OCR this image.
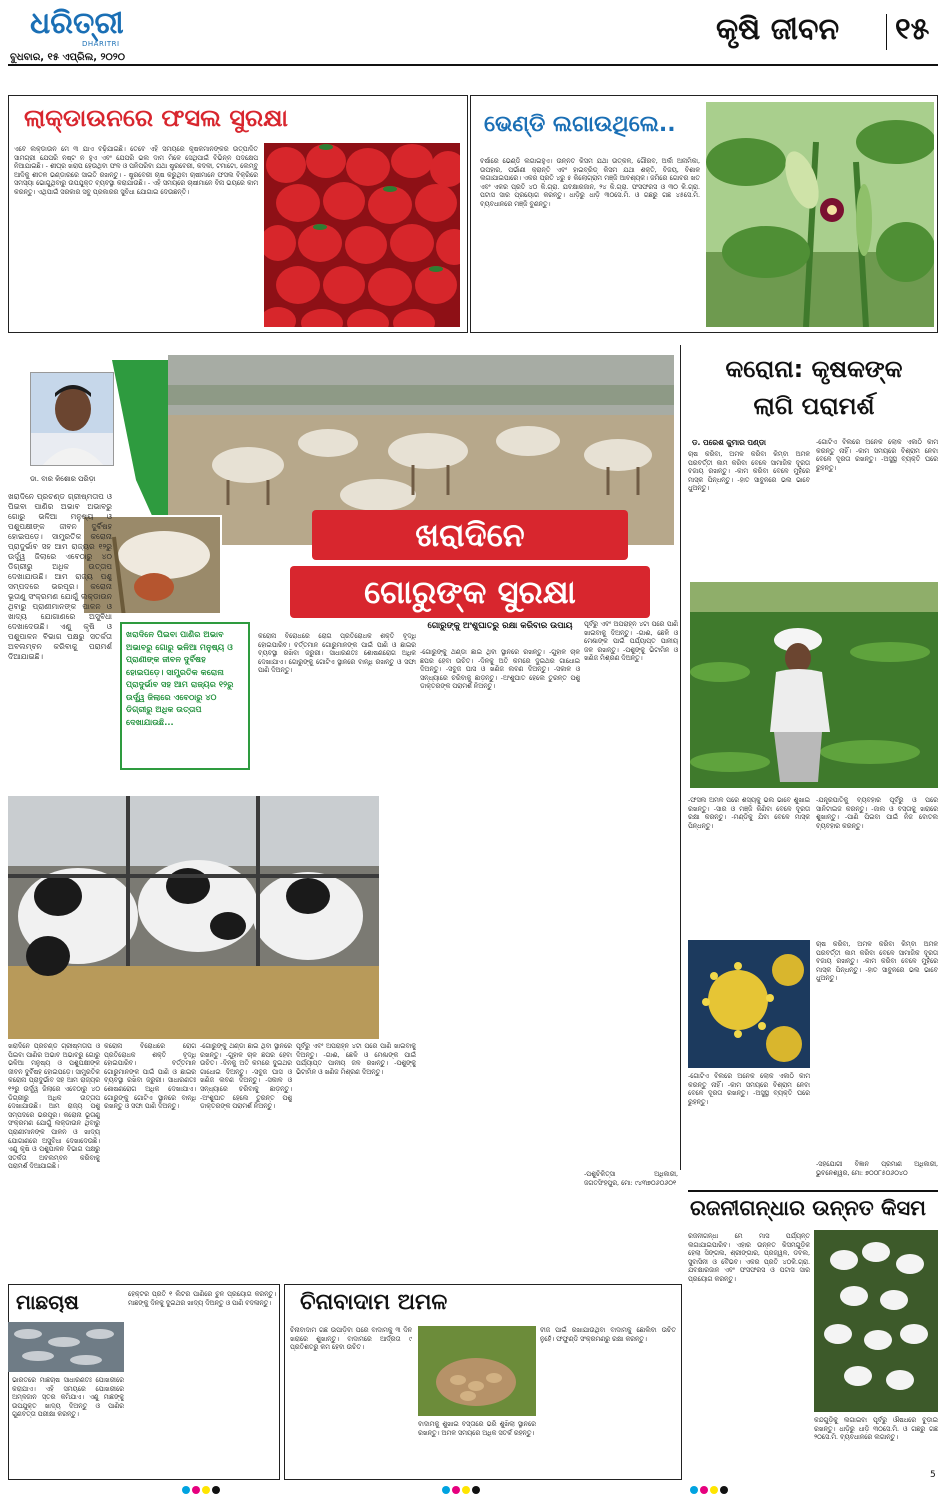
ଧରିତ୍ରୀ
DHARITRI
ବୁଧବାର, ୧୫ ଏପ୍ରିଲ, ୨୦୨୦
କୃଷି ଜୀବନ ୧୫
ଲାକ୍‌ଡାଉନରେ ଫସଲ ସୁରକ୍ଷା
ଏବେ ଲକ୍‌ଡାଉନ ମେ ୩ ଯାଏ ବଢ଼ିଯାଇଛି। ତେବେ ଏହି ସମୟରେ କୃଷକମାନଙ୍କର ଉତ୍ପାଦିତ ସାମଗ୍ରୀ ଯେପରି ନଷ୍ଟ ନ ହୁଏ ଏବଂ ଯେପରି ଭଲ ଦାମ ମିଳେ ସେଥିପାଇଁ ବିଭିନ୍ନ ପଦକ୍ଷେପ ନିଆଯାଇଛି। - ଶୀଘ୍ର ଖରାପ ହେଉଥିବା ଫଳ ଓ ପନିପରିବା ଯଥା ଷ୍ଟ୍ରବେରୀ, କଦଳୀ, ଟମାଟୋ, ଲେମ୍ବୁ ଆଦିକୁ ଶୀତଳ ଭଣ୍ଡାରରେ ସାଇତି ରଖନ୍ତୁ। - ଷ୍ଟ୍ରବେରୀ ଚାଷ କରୁଥିବା ଚାଷୀମାନେ ଫସଲ ବିକ୍ରିରେ ସମସ୍ୟା ଭୋଗୁଥିବାରୁ ଉପଯୁକ୍ତ ବ୍ୟବସ୍ଥା କରାଯାଉଛି। - ଏହି ସମୟରେ ଚାଷୀମାନେ ବିନା ଭୟରେ କାମ କରନ୍ତୁ। ଏଥିପାଇଁ ସରକାର ସବୁ ପ୍ରକାରର ସୁବିଧା ଯୋଗାଇ ଦେଉଛନ୍ତି।
ଭେଣ୍ଡି ଲଗାଉଥିଲେ..
ବର୍ଷାରେ ଭେଣ୍ଡି ଲଗାଇହୁଏ। ଉନ୍ନତ କିସମ ଯଥା ଉତ୍କଳ, ଗୌରବ, ଅର୍କା ଅନାମିକା, ଉପହାର, ପର୍ଭାଣୀ କ୍ରାନ୍ତି ଏବଂ ହାଇବ୍ରିଡ୍ କିସମ ଯଥା ଶକ୍ତି, ବିଜୟ, ବିଶାଳ ଲଗାଯାଇପାରେ। ଏକର ପ୍ରତି ୪ରୁ ୫ କିଲୋଗ୍ରାମ ମଞ୍ଜି ଆବଶ୍ୟକ। ଜମିରେ ଗୋବର ଖତ ଏବଂ ଏକର ପ୍ରତି ୪୦ କି.ଗ୍ରା. ଯବକ୍ଷାରଜାନ, ୨୪ କି.ଗ୍ରା. ଫସଫରସ ଓ ୩୦ କି.ଗ୍ରା. ପଟାସ ସାର ପ୍ରୟୋଗ କରନ୍ତୁ। ଧାଡ଼ିରୁ ଧାଡ଼ି ୩୦ସେ.ମି. ଓ ଗଛରୁ ଗଛ ୪୫ସେ.ମି. ବ୍ୟବଧାନରେ ମଞ୍ଜି ବୁଣନ୍ତୁ।
ଡା. ବାର କିଶୋର ପରିଡ଼ା
ଖରାଦିନେ
ଗୋରୁଙ୍କ ସୁରକ୍ଷା
ଖରାଦିନେ ପ୍ରଚଣ୍ଡ ଗ୍ରୀଷ୍ମତାପ ଓ ପିଇବା ପାଣିର ଅଭାବ ଅଭାବରୁ ଗୋରୁ ଭଳିଆ ମନୁଷ୍ୟ ଓ ପଶୁପକ୍ଷୀଙ୍କ ଜୀବନ ଦୁର୍ବିଷହ ହୋଇପଡ଼େ। ସାମ୍ପ୍ରତିକ କରୋନା ପ୍ରାଦୁର୍ଭାବ ସହ ଆମ ରାଜ୍ୟର ୧୨ରୁ ଉର୍ଦ୍ଧ୍ୱ ଜିଲାରେ ଏବେଠାରୁ ୪୦ ଡିଗ୍ରୀରୁ ଅଧିକ ଉତ୍ତାପ ଦେଖାଯାଉଛି। ଆମ ରାଜ୍ୟ ପଶୁ ସମ୍ପଦରେ ଭରପୂର। କରୋନା ଭୂତାଣୁ ସଂକ୍ରମଣ ଯୋଗୁଁ ଲକ୍‌ଡାଉନ ଥିବାରୁ ପ୍ରାଣୀମାନଙ୍କ ପାଳନ ଓ ଖାଦ୍ୟ ଯୋଗାଣରେ ଅସୁବିଧା ଦେଖାଦେଉଛି। ଏଣୁ କୃଷି ଓ ପଶୁପାଳନ ବିଭାଗ ପକ୍ଷରୁ ସତର୍କତା ଅବଲମ୍ବନ କରିବାକୁ ପରାମର୍ଶ ଦିଆଯାଇଛି।
ଖରାଦିନେ ପିଇବା ପାଣିର ଅଭାବ ଅଭାବରୁ ଗୋରୁ ଭଳିଆ ମନୁଷ୍ୟ ଓ ପ୍ରାଣୀଙ୍କ ଜୀବନ ଦୁର୍ବିଷହ ହୋଇପଡ଼େ। ସାମ୍ପ୍ରତିକ କରୋନା ପ୍ରାଦୁର୍ଭାବ ସହ ଆମ ରାଜ୍ୟର ୧୨ରୁ ଉର୍ଦ୍ଧ୍ୱ ଜିଲାରେ ଏବେଠାରୁ ୪୦ ଡିଗ୍ରୀରୁ ଅଧିକ ଉତ୍ତାପ ଦେଖାଯାଉଛି...
କରୋନା ବିରୋଧରେ ରୋଗ ପ୍ରତିରୋଧକ ଶକ୍ତି ବୃଦ୍ଧି ହୋଇପାରିବ। ବର୍ତ୍ତମାନ ଗୋରୁମାନଙ୍କ ପାଇଁ ପାଣି ଓ ଛାଇର ବ୍ୟବସ୍ଥା ରଖିବା ଜରୁରୀ। ସାଧାରଣତଃ ଶୋଷଣରୋଗ ଅଧିକ ଦେଖାଯାଏ। ଗୋରୁଙ୍କୁ ଗୋଟିଏ ସ୍ଥାନରେ ବାନ୍ଧି ରଖନ୍ତୁ ଓ ସଫା ପାଣି ଦିଅନ୍ତୁ।
ଗୋରୁଙ୍କୁ ଅଂଶୁଘାତରୁ ରକ୍ଷା କରିବାର ଉପାୟ
-ଗୋରୁଙ୍କୁ ଥଣ୍ଡା ଛାଇ ଥିବା ସ୍ଥାନରେ ରଖନ୍ତୁ। -ଗୁହାଳ ଚାଳ ଛପର ହେବା ଉଚିତ। -ଦିନକୁ ଅତି କମରେ ଦୁଇଥର ଗାଧୋଇ ଦିଅନ୍ତୁ। -ସବୁଜ ଘାସ ଓ ଖଣିଜ ଲବଣ ଦିଅନ୍ତୁ। -ସକାଳ ଓ ସନ୍ଧ୍ୟାରେ ଚରିବାକୁ ଛାଡ଼ନ୍ତୁ। -ଅଂଶୁଘାତ ହେଲେ ତୁରନ୍ତ ପଶୁ ଡାକ୍ତରଙ୍କ ପରାମର୍ଶ ନିଅନ୍ତୁ।
ପୂର୍ବରୁ ଏବଂ ଅପରାହ୍ନ ୪ଟା ପରେ ପାଣି ଖାଇବାକୁ ଦିଅନ୍ତୁ। -ଗାଈ, ଛେଳି ଓ ମେଣ୍ଢାଙ୍କ ପାଇଁ ପର୍ଯ୍ୟାପ୍ତ ପାନୀୟ ଜଳ ରଖନ୍ତୁ। -ପଶୁଙ୍କୁ ଭିଟାମିନ ଓ ଖଣିଜ ମିଶ୍ରଣ ଦିଅନ୍ତୁ।
-ପଶୁଚିକିତ୍ସା ଅଧିକାରୀ, ଜଗତସିଂହପୁର, ମୋ: ୯୪୩୭୦୬୦୬୦୧
ଖରାଦିନେ ପ୍ରଚଣ୍ଡ ଗ୍ରୀଷ୍ମତାପ ଓ ପିଇବା ପାଣିର ଅଭାବ ଅଭାବରୁ ଗୋରୁ ଭଳିଆ ମନୁଷ୍ୟ ଓ ପଶୁପକ୍ଷୀଙ୍କ ଜୀବନ ଦୁର୍ବିଷହ ହୋଇପଡ଼େ। ସାମ୍ପ୍ରତିକ କରୋନା ପ୍ରାଦୁର୍ଭାବ ସହ ଆମ ରାଜ୍ୟର ୧୨ରୁ ଉର୍ଦ୍ଧ୍ୱ ଜିଲାରେ ଏବେଠାରୁ ୪୦ ଡିଗ୍ରୀରୁ ଅଧିକ ଉତ୍ତାପ ଦେଖାଯାଉଛି। ଆମ ରାଜ୍ୟ ପଶୁ ସମ୍ପଦରେ ଭରପୂର। କରୋନା ଭୂତାଣୁ ସଂକ୍ରମଣ ଯୋଗୁଁ ଲକ୍‌ଡାଉନ ଥିବାରୁ ପ୍ରାଣୀମାନଙ୍କ ପାଳନ ଓ ଖାଦ୍ୟ ଯୋଗାଣରେ ଅସୁବିଧା ଦେଖାଦେଉଛି। ଏଣୁ କୃଷି ଓ ପଶୁପାଳନ ବିଭାଗ ପକ୍ଷରୁ ସତର୍କତା ଅବଲମ୍ବନ କରିବାକୁ ପରାମର୍ଶ ଦିଆଯାଇଛି।
କରୋନା ବିରୋଧରେ ରୋଗ ପ୍ରତିରୋଧକ ଶକ୍ତି ବୃଦ୍ଧି ହୋଇପାରିବ। ବର୍ତ୍ତମାନ ଗୋରୁମାନଙ୍କ ପାଇଁ ପାଣି ଓ ଛାଇର ବ୍ୟବସ୍ଥା ରଖିବା ଜରୁରୀ। ସାଧାରଣତଃ ଶୋଷଣରୋଗ ଅଧିକ ଦେଖାଯାଏ। ଗୋରୁଙ୍କୁ ଗୋଟିଏ ସ୍ଥାନରେ ବାନ୍ଧି ରଖନ୍ତୁ ଓ ସଫା ପାଣି ଦିଅନ୍ତୁ।
-ଗୋରୁଙ୍କୁ ଥଣ୍ଡା ଛାଇ ଥିବା ସ୍ଥାନରେ ରଖନ୍ତୁ। -ଗୁହାଳ ଚାଳ ଛପର ହେବା ଉଚିତ। -ଦିନକୁ ଅତି କମରେ ଦୁଇଥର ଗାଧୋଇ ଦିଅନ୍ତୁ। -ସବୁଜ ଘାସ ଓ ଖଣିଜ ଲବଣ ଦିଅନ୍ତୁ। -ସକାଳ ଓ ସନ୍ଧ୍ୟାରେ ଚରିବାକୁ ଛାଡ଼ନ୍ତୁ। -ଅଂଶୁଘାତ ହେଲେ ତୁରନ୍ତ ପଶୁ ଡାକ୍ତରଙ୍କ ପରାମର୍ଶ ନିଅନ୍ତୁ।
ପୂର୍ବରୁ ଏବଂ ଅପରାହ୍ନ ୪ଟା ପରେ ପାଣି ଖାଇବାକୁ ଦିଅନ୍ତୁ। -ଗାଈ, ଛେଳି ଓ ମେଣ୍ଢାଙ୍କ ପାଇଁ ପର୍ଯ୍ୟାପ୍ତ ପାନୀୟ ଜଳ ରଖନ୍ତୁ। -ପଶୁଙ୍କୁ ଭିଟାମିନ ଓ ଖଣିଜ ମିଶ୍ରଣ ଦିଅନ୍ତୁ।
କରୋନା: କୃଷକଙ୍କ
ଲାଗି ପରାମର୍ଶ
ଡ. ପରେଶ କୁମାର ପଣ୍ଡା
ଚାଷ କରିବା, ଅମଳ କରିବା କିମ୍ବା ଅମଳ ପରବର୍ତ୍ତୀ କାମ କରିବା ବେଳେ ସାମାଜିକ ଦୂରତା ବଜାୟ ରଖନ୍ତୁ। -କାମ କରିବା ବେଳେ ମୁହଁରେ ମାସ୍କ ପିନ୍ଧନ୍ତୁ। -ହାତ ସାବୁନରେ ଭଲ ଭାବେ ଧୁଅନ୍ତୁ।
-ଗୋଟିଏ ବିଲରେ ଅନେକ ଲୋକ ଏକାଠି କାମ କରନ୍ତୁ ନାହିଁ। -କାମ ସମୟରେ ବିଶ୍ରାମ ନେବା ବେଳେ ଦୂରତା ରଖନ୍ତୁ। -ଅସୁସ୍ଥ ବ୍ୟକ୍ତି ଘରେ ରୁହନ୍ତୁ।
-ଫସଲ ଅମଳ ପରେ ଶସ୍ୟକୁ ଭଲ ଭାବେ ଶୁଖାଇ ରଖନ୍ତୁ। -ସାର ଓ ମଞ୍ଜି କିଣିବା ବେଳେ ଦୂରତା ରକ୍ଷା କରନ୍ତୁ। -ମଣ୍ଡିକୁ ଯିବା ବେଳେ ମାସ୍କ ପିନ୍ଧନ୍ତୁ।
-ଯନ୍ତ୍ରପାତିକୁ ବ୍ୟବହାର ପୂର୍ବରୁ ଓ ପରେ ସାନିଟାଇଜ କରନ୍ତୁ। -ଜାଲ ଓ ବସ୍ତାକୁ ଖରାରେ ଶୁଖାନ୍ତୁ। -ପାଣି ପିଇବା ପାଇଁ ନିଜ ବୋତଲ ବ୍ୟବହାର କରନ୍ତୁ।
ଚାଷ କରିବା, ଅମଳ କରିବା କିମ୍ବା ଅମଳ ପରବର୍ତ୍ତୀ କାମ କରିବା ବେଳେ ସାମାଜିକ ଦୂରତା ବଜାୟ ରଖନ୍ତୁ। -କାମ କରିବା ବେଳେ ମୁହଁରେ ମାସ୍କ ପିନ୍ଧନ୍ତୁ। -ହାତ ସାବୁନରେ ଭଲ ଭାବେ ଧୁଅନ୍ତୁ।
-ଗୋଟିଏ ବିଲରେ ଅନେକ ଲୋକ ଏକାଠି କାମ କରନ୍ତୁ ନାହିଁ। -କାମ ସମୟରେ ବିଶ୍ରାମ ନେବା ବେଳେ ଦୂରତା ରଖନ୍ତୁ। -ଅସୁସ୍ଥ ବ୍ୟକ୍ତି ଘରେ ରୁହନ୍ତୁ।
-ସହଯୋଗୀ ବିଜ୍ଞାନ ପ୍ରମାଣ ଅଧିକାରୀ, ଭୁବନେଶ୍ୱର, ମୋ: ୭୦୦୮୫୦୬୦୪୦
ରଜନୀଗନ୍ଧାର ଉନ୍ନତ କିସମ
ରଜନୀଗନ୍ଧା ମେ ମାସ ପର୍ଯ୍ୟନ୍ତ ଲଗାଯାଇପାରିବ। ଏହାର ଉନ୍ନତ କିସମଗୁଡ଼ିକ ହେଲା ସିଙ୍ଗଲ, ଶ୍ରୀଙ୍ଗାର, ପ୍ରଜ୍ୱଳ, ଡବଲ, ସୁବାସିନୀ ଓ ବୈଭବ। ଏକର ପ୍ରତି ୪୦କି.ଗ୍ରା. ଯବକ୍ଷାରଜାନ ଏବଂ ଫସଫରସ ଓ ପଟାସ ସାର ପ୍ରୟୋଗ କରନ୍ତୁ।
କନ୍ଦଗୁଡ଼ିକୁ ଲଗାଇବା ପୂର୍ବରୁ ଔଷଧରେ ବୁଡ଼ାଇ ରଖନ୍ତୁ। ଧାଡ଼ିରୁ ଧାଡ଼ି ୩୦ସେ.ମି. ଓ ଗଛରୁ ଗଛ ୨୦ସେ.ମି. ବ୍ୟବଧାନରେ ଲଗାନ୍ତୁ।
ମାଛଚାଷ
ଭାରତରେ ମାଛଚାଷ ସାଧାରଣତଃ ପୋଖରୀରେ କରାଯାଏ। ଏହି ସମୟରେ ପୋଖରୀରେ ଅମ୍ଳଜାନ ସ୍ତର କମିଯାଏ। ଏଣୁ ମାଛଙ୍କୁ ଉପଯୁକ୍ତ ଖାଦ୍ୟ ଦିଅନ୍ତୁ ଓ ପାଣିର ଗୁଣବତ୍ତା ପରୀକ୍ଷା କରନ୍ତୁ।
ହେକ୍ଟର ପ୍ରତି ୧ ଲିଟର ପାଣିରେ ଚୁନ ପ୍ରୟୋଗ କରନ୍ତୁ। ମାଛଙ୍କୁ ଦିନକୁ ଦୁଇଥର ଖାଦ୍ୟ ଦିଅନ୍ତୁ ଓ ପାଣି ବଦଳାନ୍ତୁ। ଚିନାବାଦାମ ଅମଳ
ଚିନାବାଦାମ ଗଛ ଉପାଡ଼ିବା ପରେ ବାଦାମକୁ ୩ ଦିନ ଖରାରେ ଶୁଖାନ୍ତୁ। ବାଦାମରେ ଆର୍ଦ୍ରତା ୯ ପ୍ରତିଶତରୁ କମ ହେବା ଉଚିତ।
ବାଦାମକୁ ଶୁଖାଇ ବସ୍ତାରେ ଭରି ଶୁଖିଲା ସ୍ଥାନରେ ରଖନ୍ତୁ। ଅମଳ ସମୟରେ ଅଧିକ ସତର୍କ ରହନ୍ତୁ।
ବୀଜ ପାଇଁ ରଖାଯାଉଥିବା ବାଦାମକୁ ଛୋଲିବା ଉଚିତ ନୁହେଁ। ଫଫୁଣ୍ଡି ସଂକ୍ରମଣରୁ ରକ୍ଷା କରନ୍ତୁ।
5
